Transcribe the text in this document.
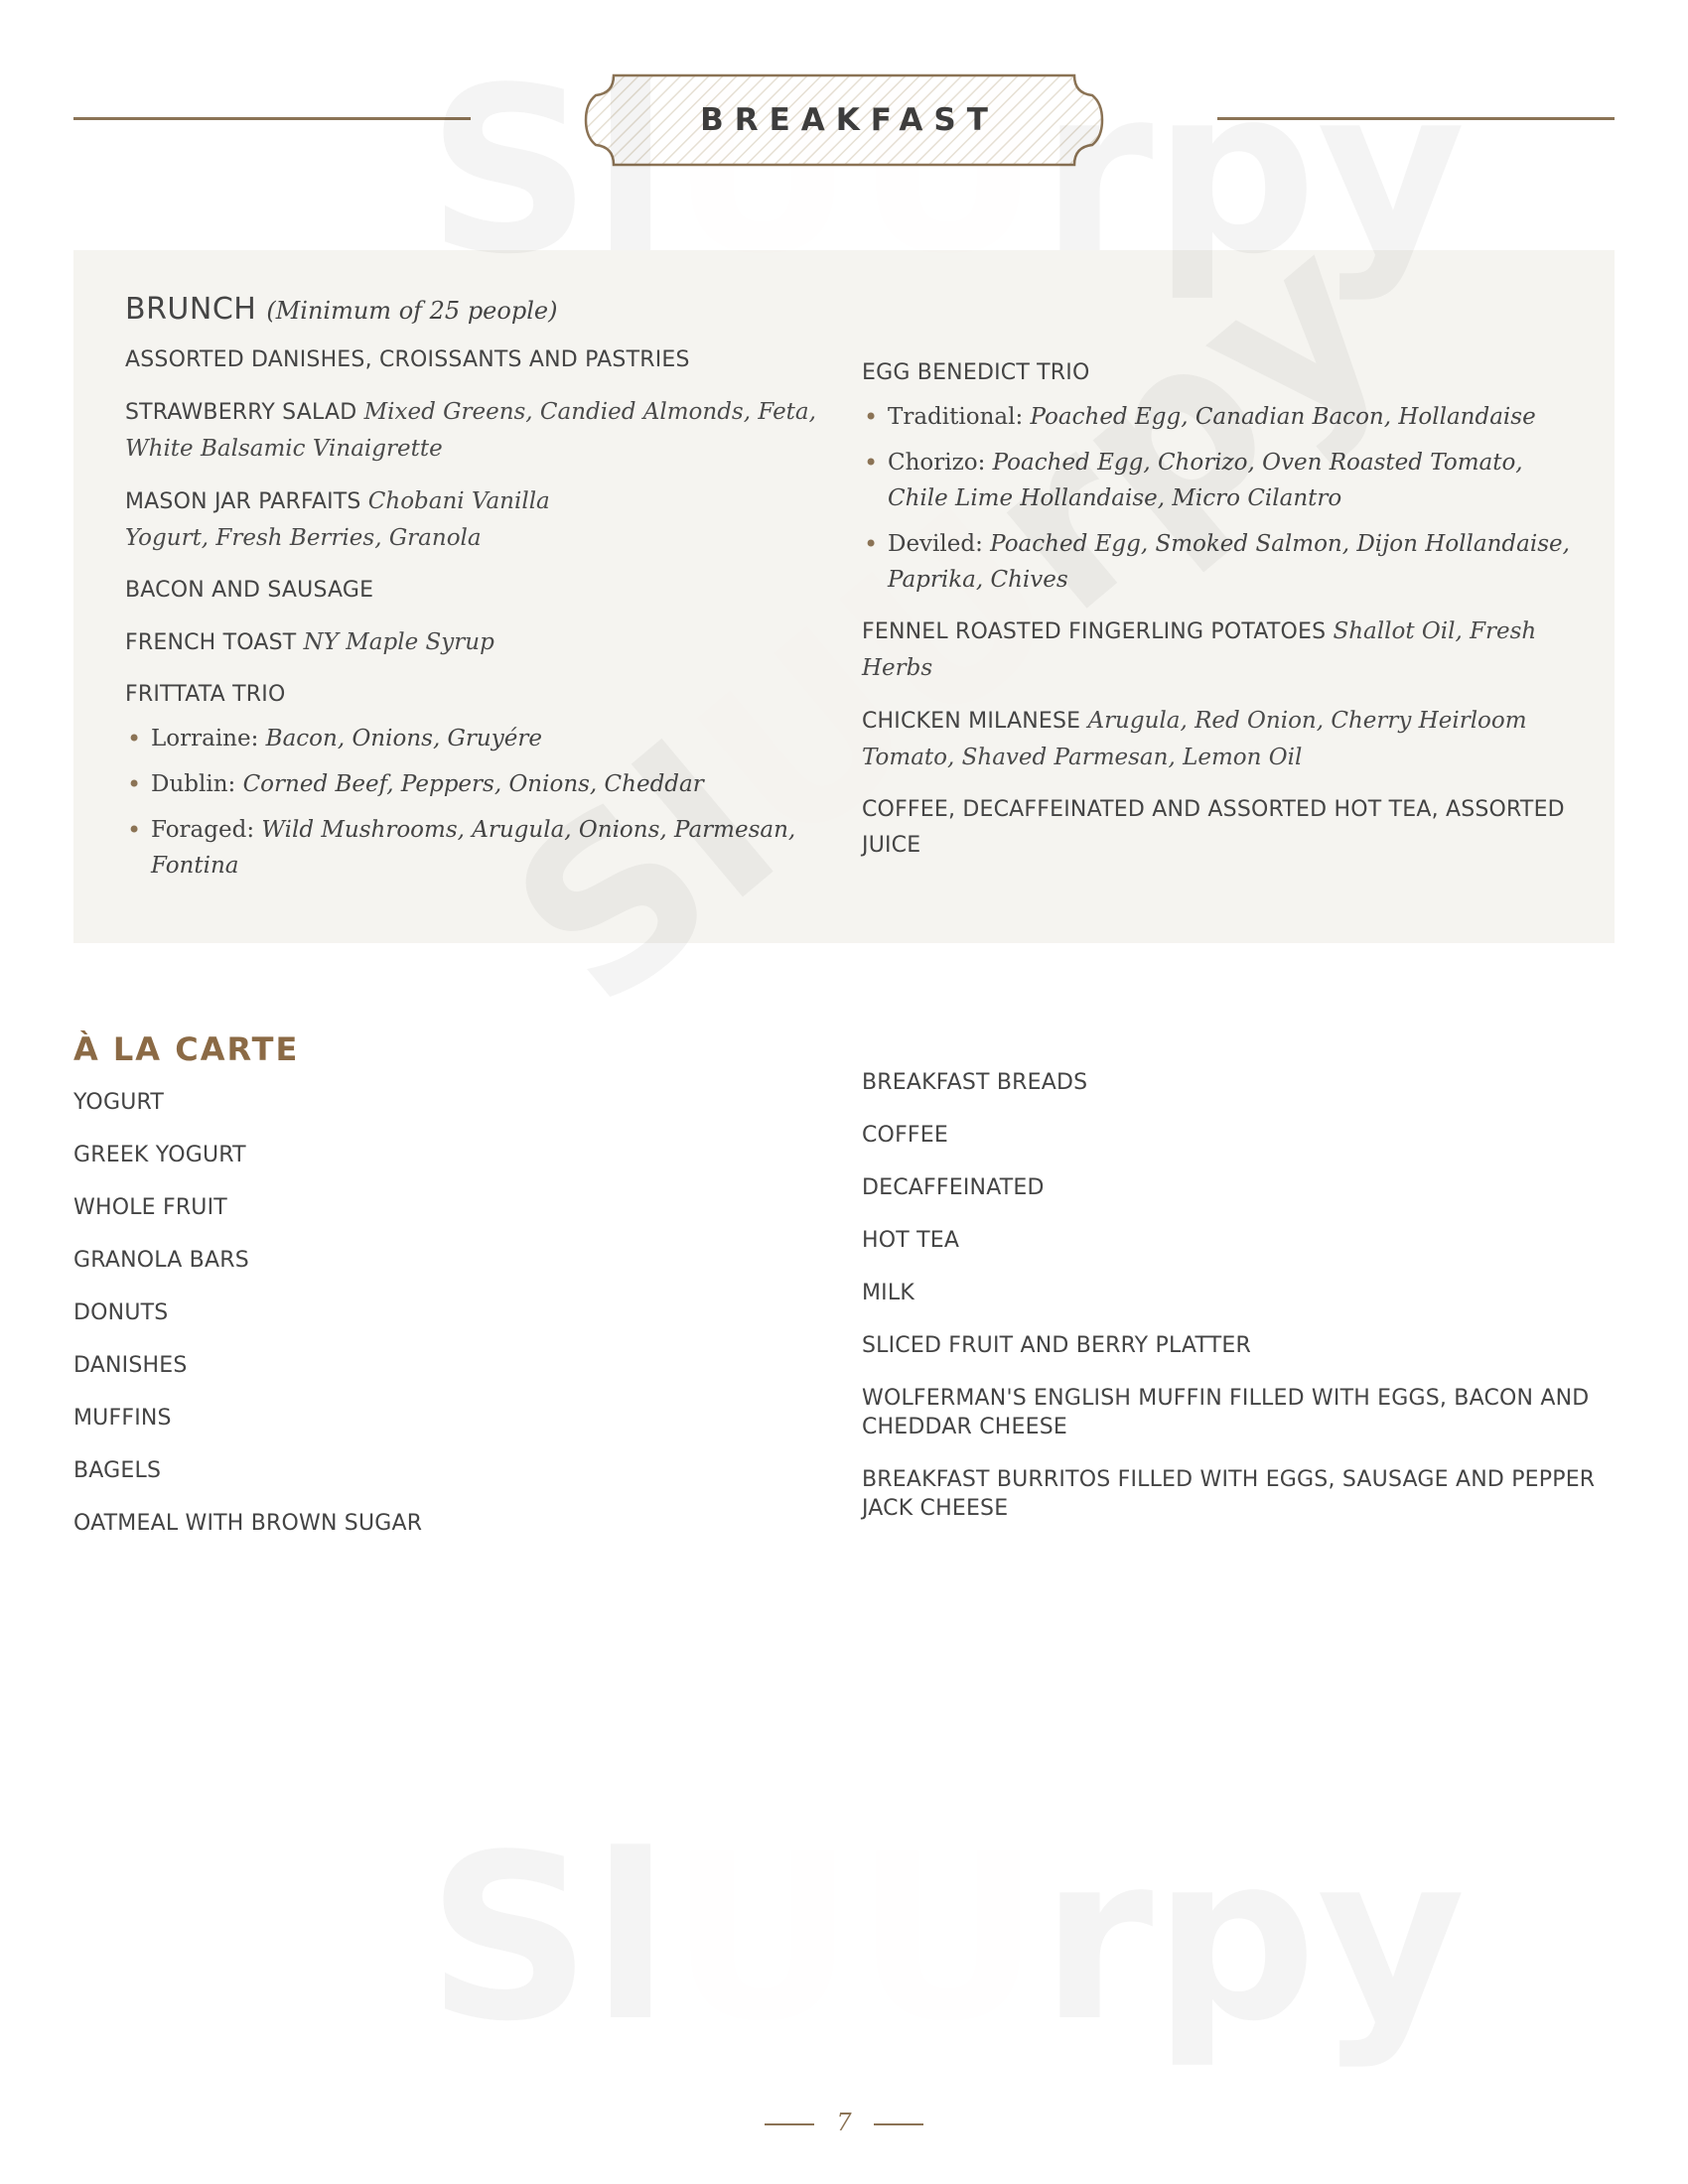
BREAKFAST
BRUNCH (Minimum of 25 people)
ASSORTED DANISHES, CROISSANTS AND PASTRIES
STRAWBERRY SALAD Mixed Greens, Candied Almonds, Feta, White Balsamic Vinaigrette
MASON JAR PARFAITS Chobani Vanilla Yogurt, Fresh Berries, Granola
BACON AND SAUSAGE
FRENCH TOAST NY Maple Syrup
FRITTATA TRIO
• Lorraine: Bacon, Onions, Gruyére
• Dublin: Corned Beef, Peppers, Onions, Cheddar
• Foraged: Wild Mushrooms, Arugula, Onions, Parmesan, Fontina
EGG BENEDICT TRIO
• Traditional: Poached Egg, Canadian Bacon, Hollandaise
• Chorizo: Poached Egg, Chorizo, Oven Roasted Tomato, Chile Lime Hollandaise, Micro Cilantro
• Deviled: Poached Egg, Smoked Salmon, Dijon Hollandaise, Paprika, Chives
FENNEL ROASTED FINGERLING POTATOES Shallot Oil, Fresh Herbs
CHICKEN MILANESE Arugula, Red Onion, Cherry Heirloom Tomato, Shaved Parmesan, Lemon Oil
COFFEE, DECAFFEINATED AND ASSORTED HOT TEA, ASSORTED JUICE
À LA CARTE
YOGURT
GREEK YOGURT
WHOLE FRUIT
GRANOLA BARS
DONUTS
DANISHES
MUFFINS
BAGELS
OATMEAL WITH BROWN SUGAR
BREAKFAST BREADS
COFFEE
DECAFFEINATED
HOT TEA
MILK
SLICED FRUIT AND BERRY PLATTER
WOLFERMAN'S ENGLISH MUFFIN FILLED WITH EGGS, BACON AND CHEDDAR CHEESE
BREAKFAST BURRITOS FILLED WITH EGGS, SAUSAGE AND PEPPER JACK CHEESE
7
